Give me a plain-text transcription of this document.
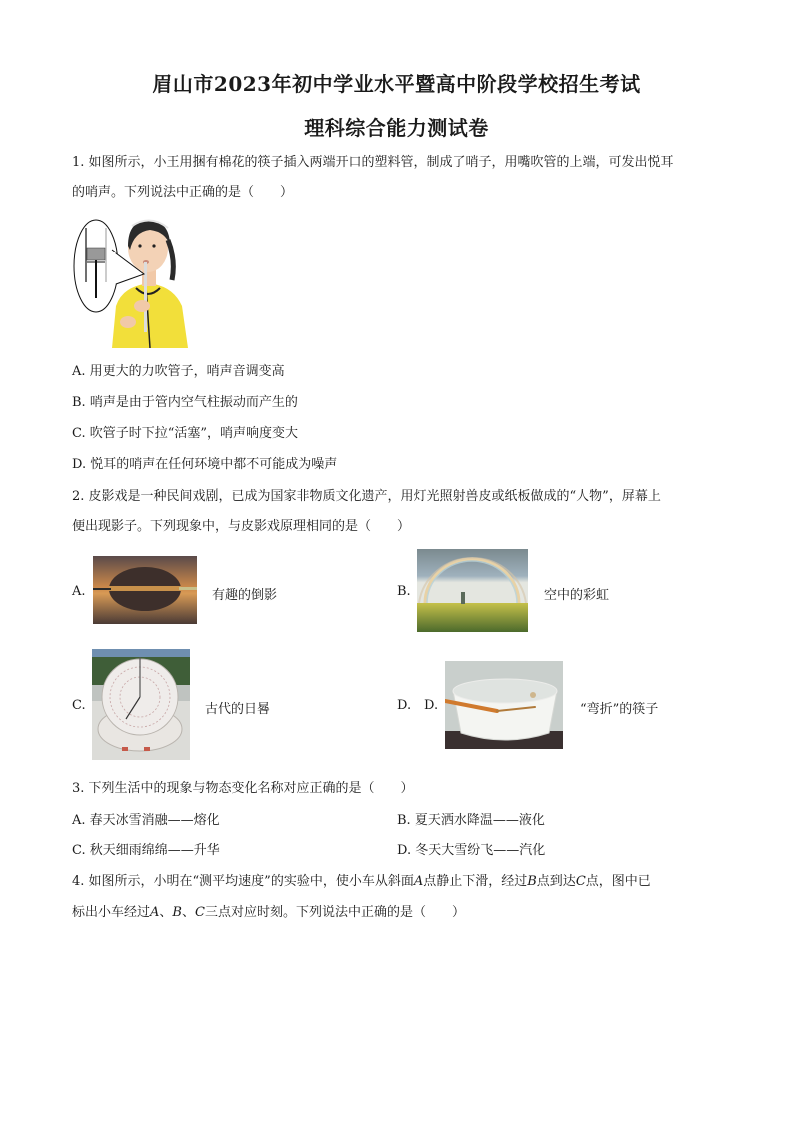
眉山市2023年初中学业水平暨高中阶段学校招生考试
理科综合能力测试卷
1. 如图所示，小王用捆有棉花的筷子插入两端开口的塑料管，制成了哨子，用嘴吹管的上端，可发出悦耳
的哨声。下列说法中正确的是（　　）
A. 用更大的力吹管子，哨声音调变高
B. 哨声是由于管内空气柱振动而产生的
C. 吹管子时下拉“活塞”，哨声响度变大
D. 悦耳的哨声在任何环境中都不可能成为噪声
2. 皮影戏是一种民间戏剧，已成为国家非物质文化遗产，用灯光照射兽皮或纸板做成的“人物”，屏幕上
便出现影子。下列现象中，与皮影戏原理相同的是（　　）
A.	有趣的倒影	B.	空中的彩虹
C.	古代的日晷	D. D.	“弯折”的筷子
3. 下列生活中的现象与物态变化名称对应正确的是（　　）
A. 春天冰雪消融——熔化	B. 夏天洒水降温——液化
C. 秋天细雨绵绵——升华	D. 冬天大雪纷飞——汽化
4. 如图所示，小明在“测平均速度”的实验中，使小车从斜面A点静止下滑，经过B点到达C点，图中已
标出小车经过A、B、C三点对应时刻。下列说法中正确的是（　　）
